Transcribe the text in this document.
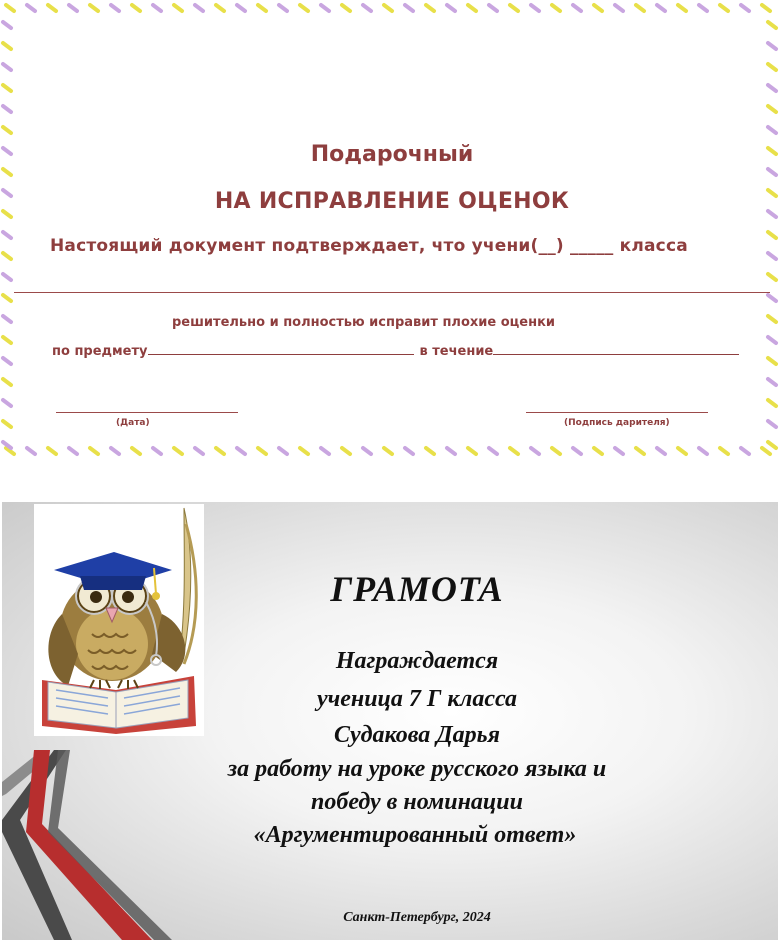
Подарочный

НА ИСПРАВЛЕНИЕ ОЦЕНОК

Настоящий документ подтверждает, что учени(__) _____ класса

решительно и полностью исправит плохие оценки

по предмету	в течение

(Дата)	(Подпись дарителя)

ГРАМОТА

Награждается

ученица 7 Г класса

Судакова Дарья

за работу на уроке русского языка и

победу в номинации

«Аргументированный ответ»

Санкт-Петербург, 2024
